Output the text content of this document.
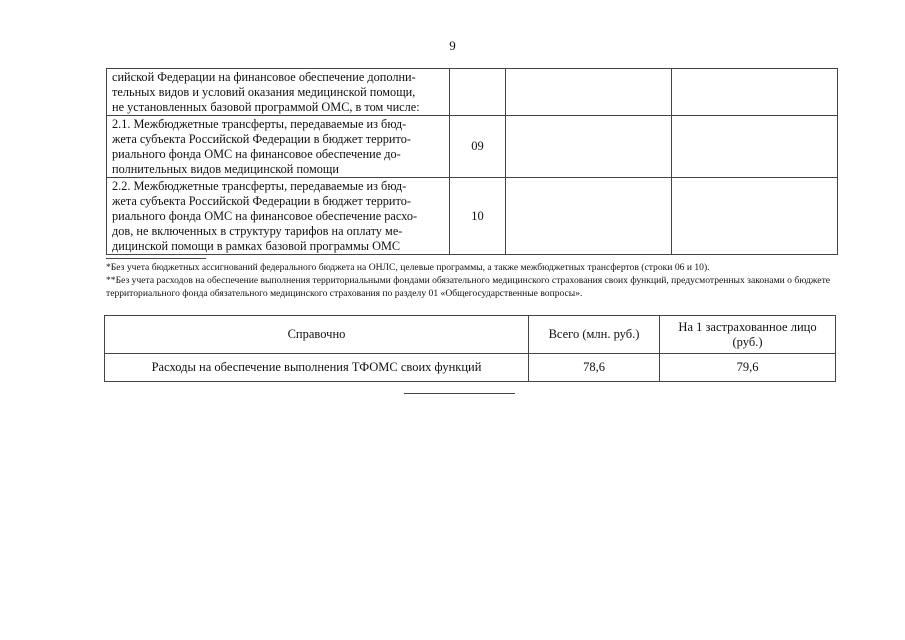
9
сийской Федерации на финансовое обеспечение дополни-
тельных видов и условий оказания медицинской помощи,
не установленных базовой программой ОМС, в том числе:			

2.1. Межбюджетные трансферты, передаваемые из бюд-
жета субъекта Российской Федерации в бюджет террито-
риального фонда ОМС на финансовое обеспечение до-
полнительных видов медицинской помощи	09		

2.2. Межбюджетные трансферты, передаваемые из бюд-
жета субъекта Российской Федерации в бюджет террито-
риального фонда ОМС на финансовое обеспечение расхо-
дов, не включенных в структуру тарифов на оплату ме-
дицинской помощи в рамках базовой программы ОМС	10		
*Без учета бюджетных ассигнований федерального бюджета на ОНЛС, целевые программы, а также межбюджетных трансфертов (строки 06 и 10).
**Без учета расходов на обеспечение выполнения территориальными фондами обязательного медицинского страхования своих функций, предусмотренных законами о бюджете территориального фонда обязательного медицинского страхования по разделу 01 «Общегосударственные вопросы».
Справочно	Всего (млн. руб.)	На 1 застрахованное лицо
(руб.)

Расходы на обеспечение выполнения ТФОМС своих функций	78,6	79,6
